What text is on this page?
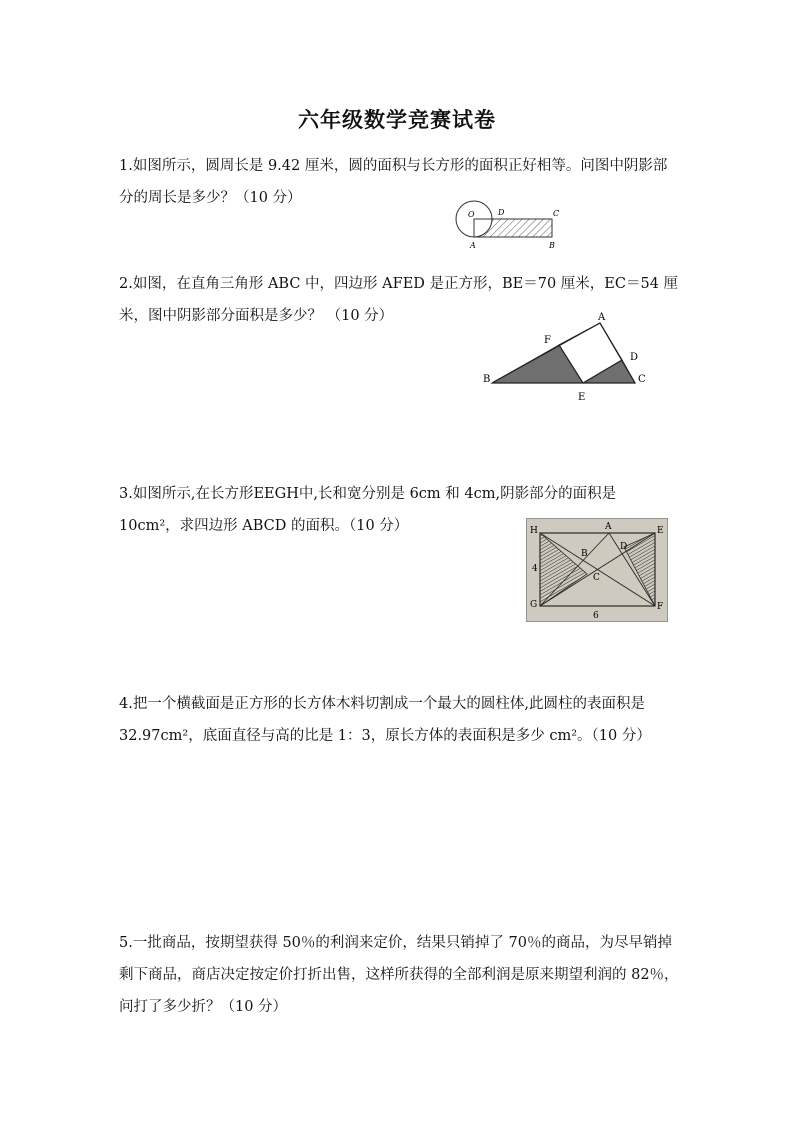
六年级数学竞赛试卷

1.如图所示，圆周长是 9.42 厘米，圆的面积与长方形的面积正好相等。问图中阴影部分的周长是多少？（10 分）

O	D	C
A	B

2.如图，在直角三角形 ABC 中，四边形 AFED 是正方形，BE＝70 厘米，EC＝54 厘米，图中阴影部分面积是多少？ （10 分）	A
F
D
B	C
E

3.如图所示,在长方形EEGH中,长和宽分别是 6cm 和 4cm,阴影部分的面积是 10cm²，求四边形 ABCD 的面积。（10 分）	H	A	E
D
B
C
4
G
6
F

4.把一个横截面是正方形的长方体木料切割成一个最大的圆柱体,此圆柱的表面积是 32.97cm²，底面直径与高的比是 1：3，原长方体的表面积是多少 cm²。（10 分）

5.一批商品，按期望获得 50％的利润来定价，结果只销掉了 70％的商品，为尽早销掉剩下商品，商店决定按定价打折出售，这样所获得的全部利润是原来期望利润的 82％，问打了多少折？（10 分）
